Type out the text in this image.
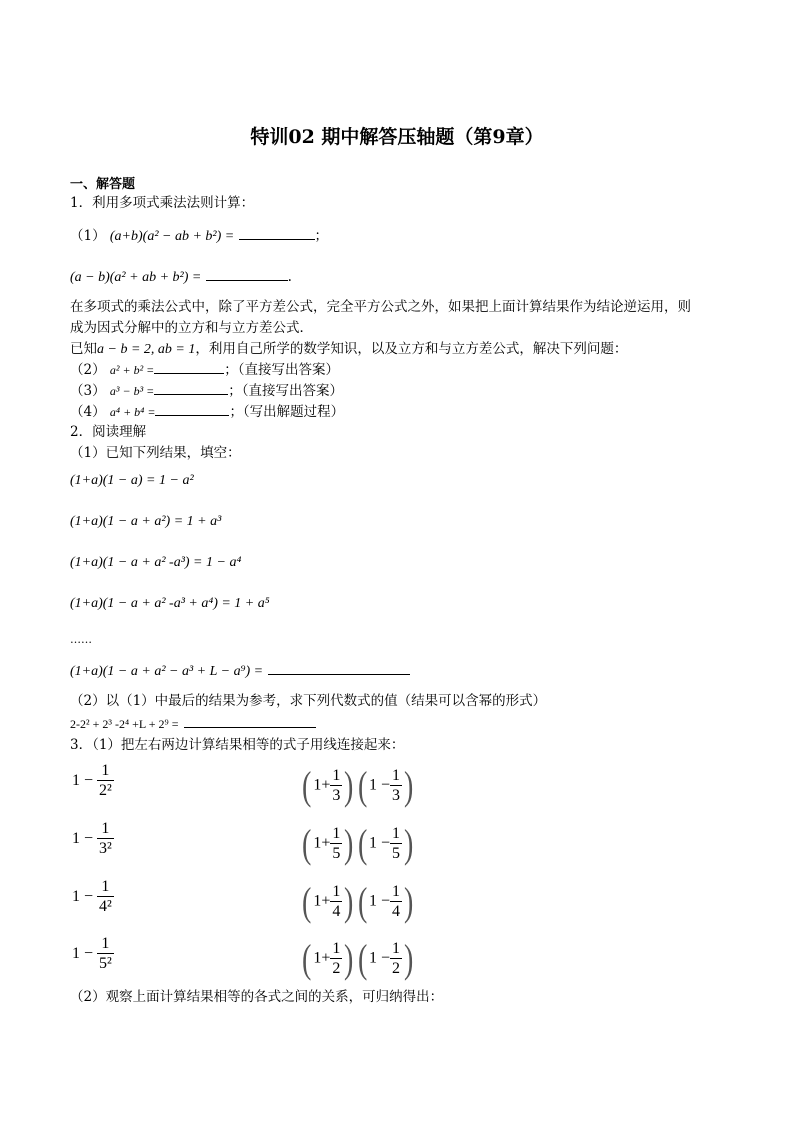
特训02 期中解答压轴题（第9章）
一、解答题
1．利用多项式乘法法则计算：
（1） (a+b)(a² − ab + b²) =	；
(a − b)(a² + ab + b²) =	.
在多项式的乘法公式中，除了平方差公式，完全平方公式之外，如果把上面计算结果作为结论逆运用，则
成为因式分解中的立方和与立方差公式．
已知a − b = 2, ab = 1，利用自己所学的数学知识，以及立方和与立方差公式，解决下列问题：
（2） a² + b² =	；（直接写出答案）
（3） a³ − b³ =	；（直接写出答案）
（4） a⁴ + b⁴ =	；（写出解题过程）
2．阅读理解
（1）已知下列结果，填空：
(1+a)(1 − a) = 1 − a²
(1+a)(1 − a + a²) = 1 + a³
(1+a)(1 − a + a² -a³) = 1 − a⁴
(1+a)(1 − a + a² -a³ + a⁴) = 1 + a⁵
……
(1+a)(1 − a + a² − a³ + L − a⁹) =
（2）以（1）中最后的结果为参考，求下列代数式的值（结果可以含幂的形式）
2-2² + 2³ -2⁴ +L + 2⁹ =
3．（1）把左右两边计算结果相等的式子用线连接起来：
$1 - \frac{1}{\text{2²}}$
$1 - \frac{1}{\text{3²}}$
$1 - \frac{1}{\text{4²}}$
$1 - \frac{1}{\text{5²}}$
( $1+ \frac{1}{3}$ )( $1 - \frac{1}{3}$ )
( $1+ \frac{1}{5}$ )( $1 - \frac{1}{5}$ )
( $1+ \frac{1}{4}$ )( $1 - \frac{1}{4}$ )
( $1+ \frac{1}{2}$ )( $1 - \frac{1}{2}$ )
（2）观察上面计算结果相等的各式之间的关系，可归纳得出：
